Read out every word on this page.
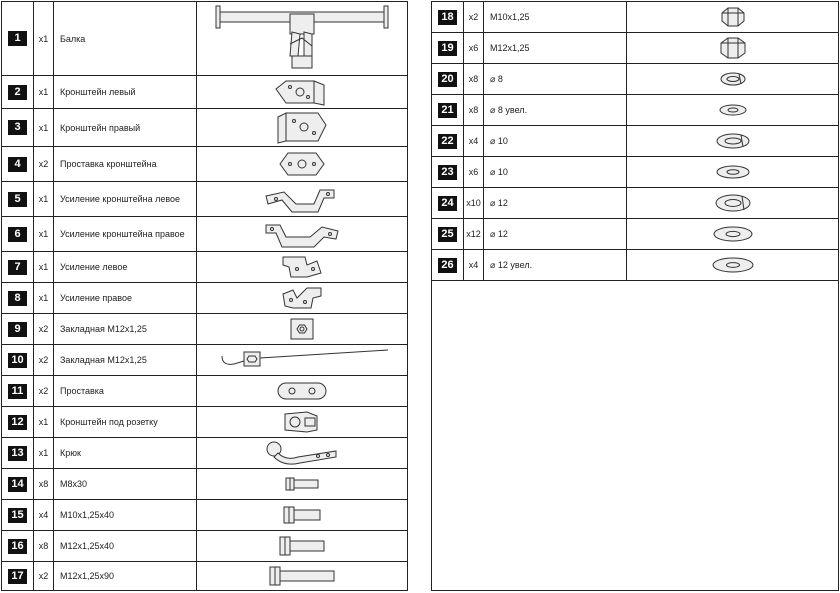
1	x1	Балка
2	x1	Кронштейн левый
3	x1	Кронштейн правый
4	x2	Проставка кронштейна
5	x1	Усиление кронштейна левое
6	x1	Усиление кронштейна правое
7	x1	Усиление левое
8	x1	Усиление правое
9	x2	Закладная М12х1,25
10	x2	Закладная М12х1,25
11	x2	Проставка
12	x1	Кронштейн под розетку
13	x1	Крюк
14	x8	М8х30
15	x4	М10х1,25х40
16	x8	М12х1,25х40
17	x2	М12х1,25х90
18	x2	М10х1,25
19	x6	М12х1,25
20	x8	⌀ 8
21	x8	⌀ 8 увел.
22	x4	⌀ 10
23	x6	⌀ 10
24	x10	⌀ 12
25	x12	⌀ 12
26	x4	⌀ 12 увел.
